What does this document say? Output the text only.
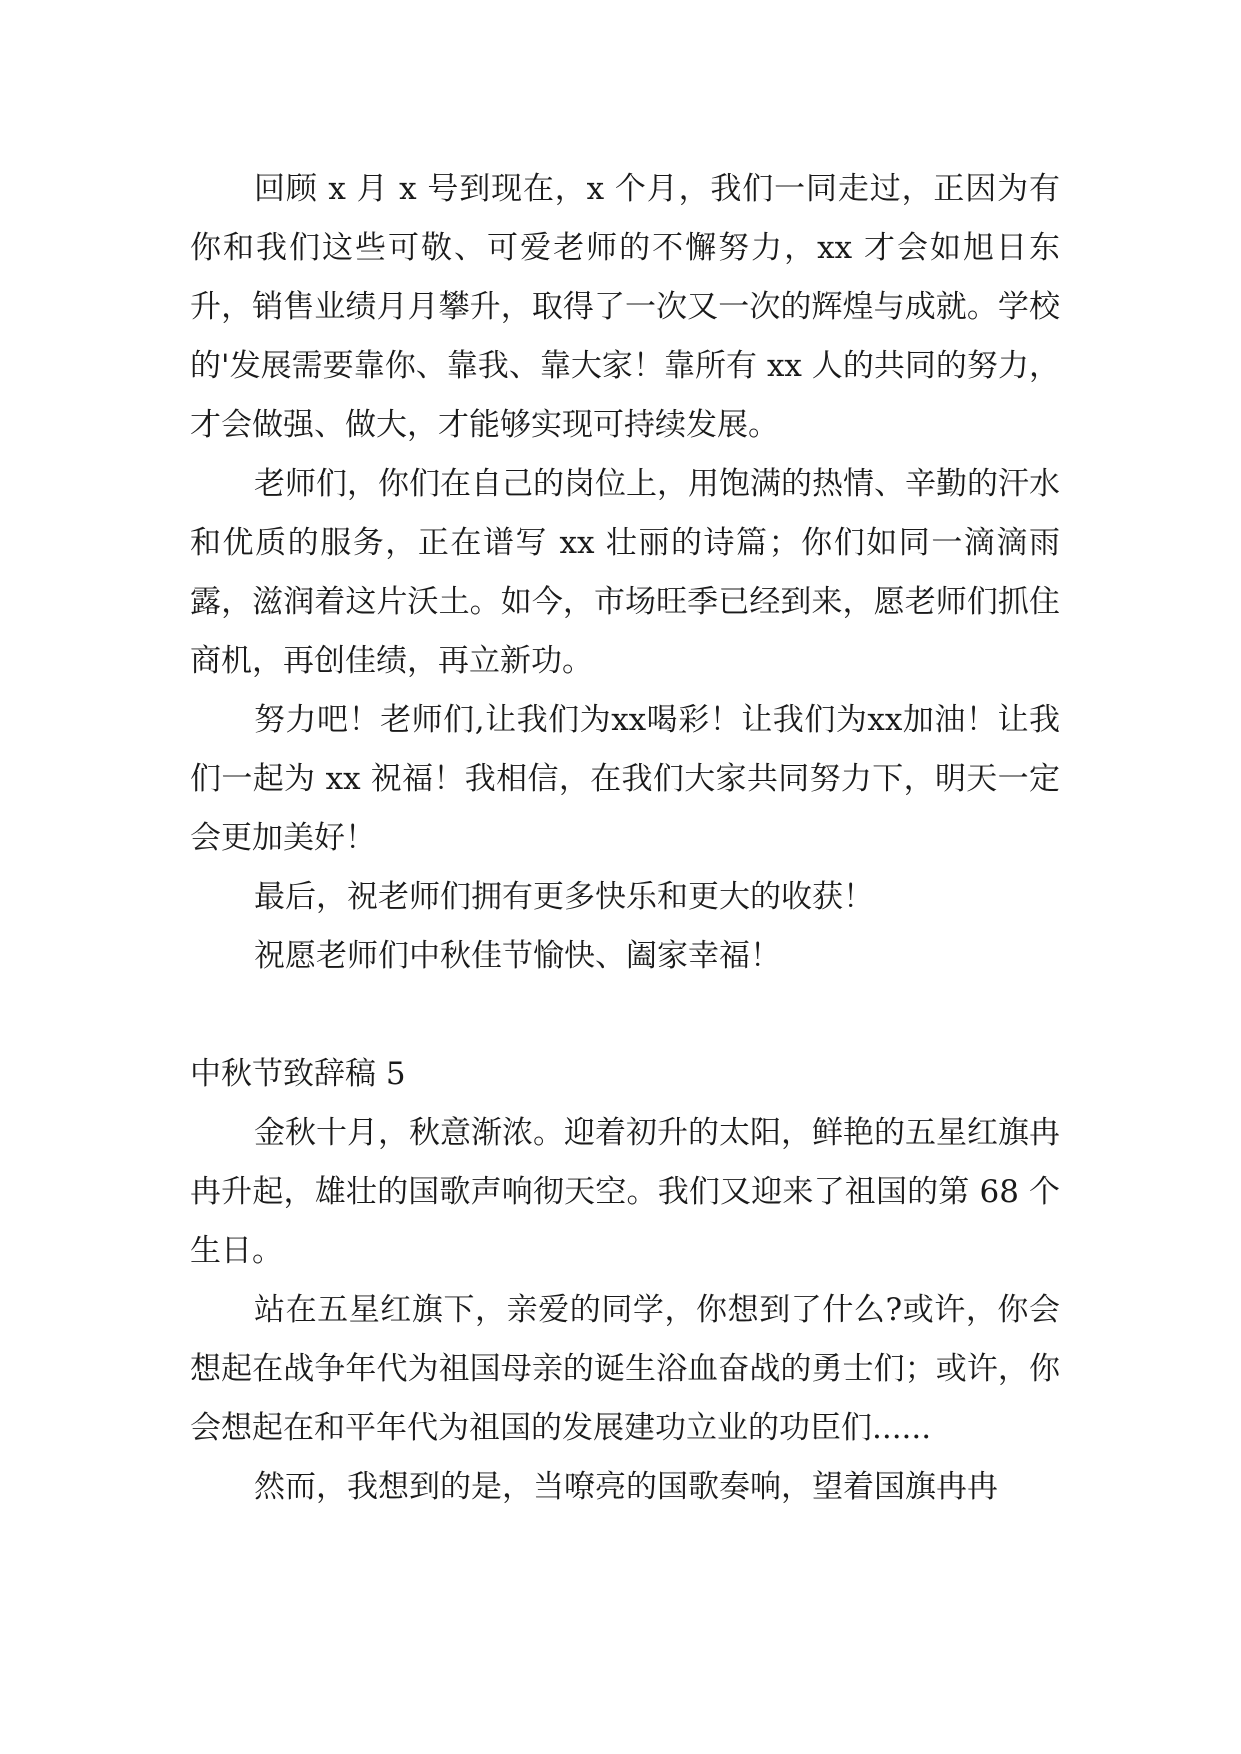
回顾 x 月 x 号到现在，x 个月，我们一同走过，正因为有你和我们这些可敬、可爱老师的不懈努力，xx 才会如旭日东升，销售业绩月月攀升，取得了一次又一次的辉煌与成就。学校的'发展需要靠你、靠我、靠大家！靠所有 xx 人的共同的努力，才会做强、做大，才能够实现可持续发展。

老师们，你们在自己的岗位上，用饱满的热情、辛勤的汗水和优质的服务，正在谱写 xx 壮丽的诗篇；你们如同一滴滴雨露，滋润着这片沃土。如今，市场旺季已经到来，愿老师们抓住商机，再创佳绩，再立新功。

努力吧！老师们,让我们为xx喝彩！让我们为xx加油！让我们一起为 xx 祝福！我相信，在我们大家共同努力下，明天一定会更加美好！

最后，祝老师们拥有更多快乐和更大的收获！

祝愿老师们中秋佳节愉快、阖家幸福！

中秋节致辞稿 5

金秋十月，秋意渐浓。迎着初升的太阳，鲜艳的五星红旗冉冉升起，雄壮的国歌声响彻天空。我们又迎来了祖国的第 68 个生日。

站在五星红旗下，亲爱的同学，你想到了什么?或许，你会想起在战争年代为祖国母亲的诞生浴血奋战的勇士们；或许，你会想起在和平年代为祖国的发展建功立业的功臣们......

然而，我想到的是，当嘹亮的国歌奏响，望着国旗冉冉
